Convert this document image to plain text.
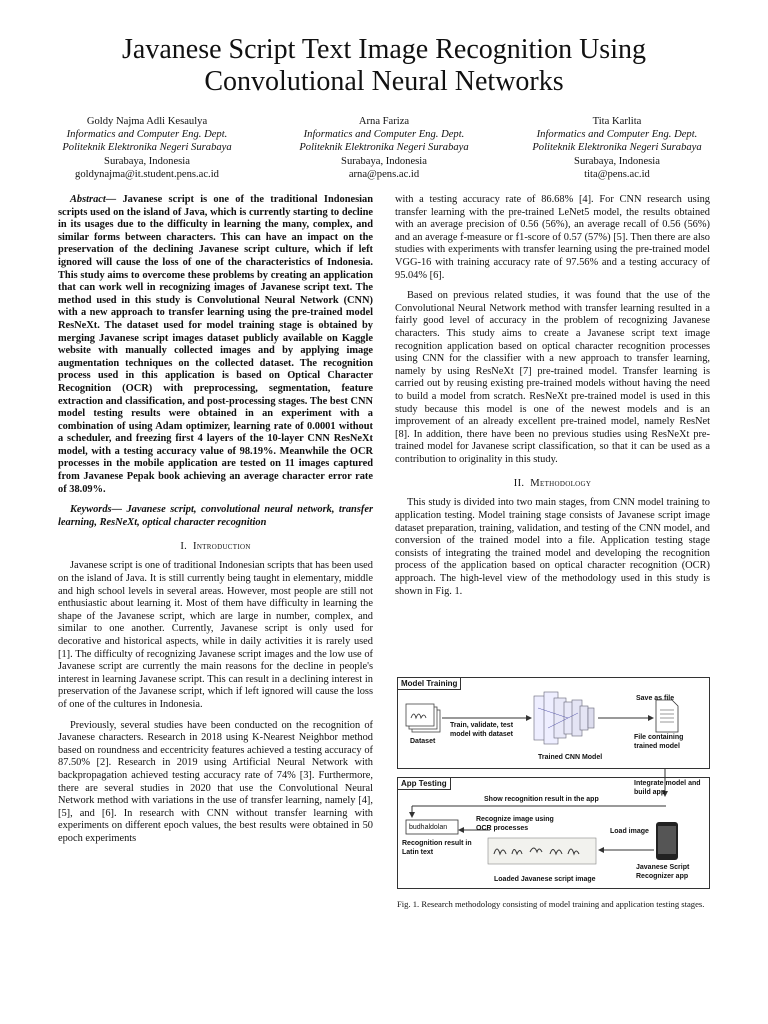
Javanese Script Text Image Recognition Using Convolutional Neural Networks
Goldy Najma Adli Kesaulya
Informatics and Computer Eng. Dept.
Politeknik Elektronika Negeri Surabaya
Surabaya, Indonesia
goldynajma@it.student.pens.ac.id
Arna Fariza
Informatics and Computer Eng. Dept.
Politeknik Elektronika Negeri Surabaya
Surabaya, Indonesia
arna@pens.ac.id
Tita Karlita
Informatics and Computer Eng. Dept.
Politeknik Elektronika Negeri Surabaya
Surabaya, Indonesia
tita@pens.ac.id

Abstract— Javanese script is one of the traditional Indonesian scripts used on the island of Java, which is currently starting to decline in its usages due to the difficulty in learning the many, complex, and similar forms between characters. This can have an impact on the preservation of the declining Javanese script culture, which if left ignored will cause the loss of one of the characteristics of Indonesia. This study aims to overcome these problems by creating an application that can work well in recognizing images of Javanese script text. The method used in this study is Convolutional Neural Network (CNN) with a new approach to transfer learning using the pre-trained model ResNeXt. The dataset used for model training stage is obtained by merging Javanese script images dataset publicly available on Kaggle website with manually collected images and by applying image augmentation techniques on the collected dataset. The recognition process used in this application is based on Optical Character Recognition (OCR) with preprocessing, segmentation, feature extraction and classification, and post-processing stages. The best CNN model testing results were obtained in an experiment with a combination of using Adam optimizer, learning rate of 0.0001 without a scheduler, and freezing first 4 layers of the 10-layer CNN ResNeXt model, with a testing accuracy value of 98.19%. Meanwhile the OCR processes in the mobile application are tested on 11 images captured from Javanese Pepak book achieving an average character error rate of 38.09%.

Keywords— Javanese script, convolutional neural network, transfer learning, ResNeXt, optical character recognition

I. Introduction

Javanese script is one of traditional Indonesian scripts that has been used on the island of Java. It is still currently being taught in elementary, middle and high school levels in several areas. However, most people are still not enthusiastic about learning it. Most of them have difficulty in learning the shape of the Javanese script, which are large in number, complex, and similar to one another. Currently, Javanese script is only used for decorative and historical aspects, while in daily activities it is rarely used [1]. The difficulty of recognizing Javanese script images and the low use of Javanese script are currently the main reasons for the decline in people's interest in learning Javanese script. This can result in a declining interest in preservation of the Javanese script, which if left ignored will cause the loss of one of the cultures in Indonesia.

Previously, several studies have been conducted on the recognition of Javanese characters. Research in 2018 using K-Nearest Neighbor method based on roundness and eccentricity features achieved a testing accuracy of 87.50% [2]. Research in 2019 using Artificial Neural Network with backpropagation achieved testing accuracy rate of 74% [3]. Furthermore, there are several studies in 2020 that use the Convolutional Neural Network method with variations in the use of transfer learning, namely [4], [5], and [6]. In research with CNN without transfer learning with experiments on different epoch values, the best results were obtained in 50 epoch experiments

with a testing accuracy rate of 86.68% [4]. For CNN research using transfer learning with the pre-trained LeNet5 model, the results obtained with an average precision of 0.56 (56%), an average recall of 0.56 (56%) and an average f-measure or f1-score of 0.57 (57%) [5]. Then there are also studies with experiments with transfer learning using the pre-trained model VGG-16 with training accuracy rate of 97.56% and a testing accuracy of 95.04% [6].

Based on previous related studies, it was found that the use of the Convolutional Neural Network method with transfer learning resulted in a fairly good level of accuracy in the problem of recognizing Javanese characters. This study aims to create a Javanese script text image recognition application based on optical character recognition processes using CNN for the classifier with a new approach to transfer learning, namely by using ResNeXt [7] pre-trained model. Transfer learning is carried out by reusing existing pre-trained models without having the need to build a model from scratch. ResNeXt pre-trained model is used in this study because this model is one of the newest models and is an improvement of an already excellent pre-trained model, namely ResNet [8]. In addition, there have been no previous studies using ResNeXt pre-trained model for Javanese script classification, so that it can be used as a contribution to originality in this study.

II. Methodology

This study is divided into two main stages, from CNN model training to application testing. Model training stage consists of Javanese script image dataset preparation, training, validation, and testing of the CNN model, and conversion of the trained model into a file. Application testing stage consists of integrating the trained model and developing the recognition process of the application based on optical character recognition (OCR) approach. The high-level view of the methodology used in this study is shown in Fig. 1.

Model Training
Dataset
Train, validate, test model with dataset
Trained CNN Model
Save as file
File containing trained model
App Testing	Integrate model and build app
Show recognition result in the app
Recognize image using OCR processes	Load image
budhaldolan
Recognition result in Latin text
Loaded Javanese script image
Javanese Script Recognizer app
Fig. 1. Research methodology consisting of model training and application testing stages.
